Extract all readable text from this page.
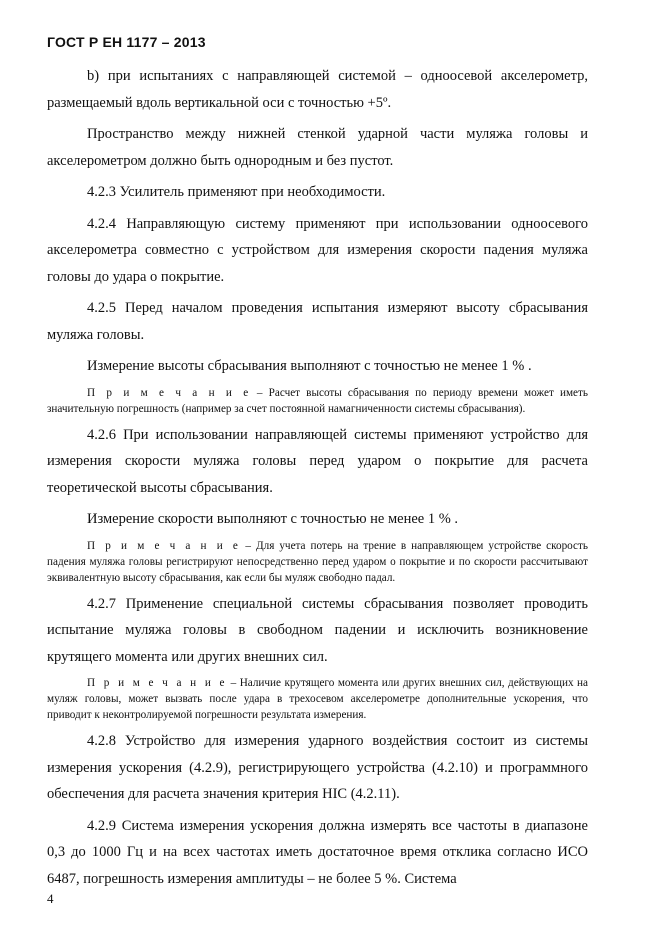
ГОСТ Р ЕН 1177 – 2013

b) при испытаниях с направляющей системой – одноосевой акселерометр, размещаемый вдоль вертикальной оси с точностью +5º.

Пространство между нижней стенкой ударной части муляжа головы и акселерометром должно быть однородным и без пустот.

4.2.3 Усилитель применяют при необходимости.

4.2.4 Направляющую систему применяют при использовании одноосевого акселерометра совместно с устройством для измерения скорости падения муляжа головы до удара о покрытие.

4.2.5 Перед началом проведения испытания измеряют высоту сбрасывания муляжа головы.

Измерение высоты сбрасывания выполняют с точностью не менее 1 % .

П р и м е ч а н и е – Расчет высоты сбрасывания по периоду времени может иметь значительную погрешность (например за счет постоянной намагниченности системы сбрасывания).

4.2.6 При использовании направляющей системы применяют устройство для измерения скорости муляжа головы перед ударом о покрытие для расчета теоретической высоты сбрасывания.

Измерение скорости выполняют с точностью не менее 1 % .

П р и м е ч а н и е – Для учета потерь на трение в направляющем устройстве скорость падения муляжа головы регистрируют непосредственно перед ударом о покрытие и по скорости рассчитывают эквивалентную высоту сбрасывания, как если бы муляж свободно падал.

4.2.7 Применение специальной системы сбрасывания позволяет проводить испытание муляжа головы в свободном падении и исключить возникновение крутящего момента или других внешних сил.

П р и м е ч а н и е – Наличие крутящего момента или других внешних сил, действующих на муляж головы, может вызвать после удара в трехосевом акселерометре дополнительные ускорения, что приводит к неконтролируемой погрешности результата измерения.

4.2.8 Устройство для измерения ударного воздействия состоит из системы измерения ускорения (4.2.9), регистрирующего устройства (4.2.10) и программного обеспечения для расчета значения критерия HIC (4.2.11).

4.2.9 Система измерения ускорения должна измерять все частоты в диапазоне 0,3 до 1000 Гц и на всех частотах иметь достаточное время отклика согласно ИСО 6487, погрешность измерения амплитуды – не более 5 %. Система

4
